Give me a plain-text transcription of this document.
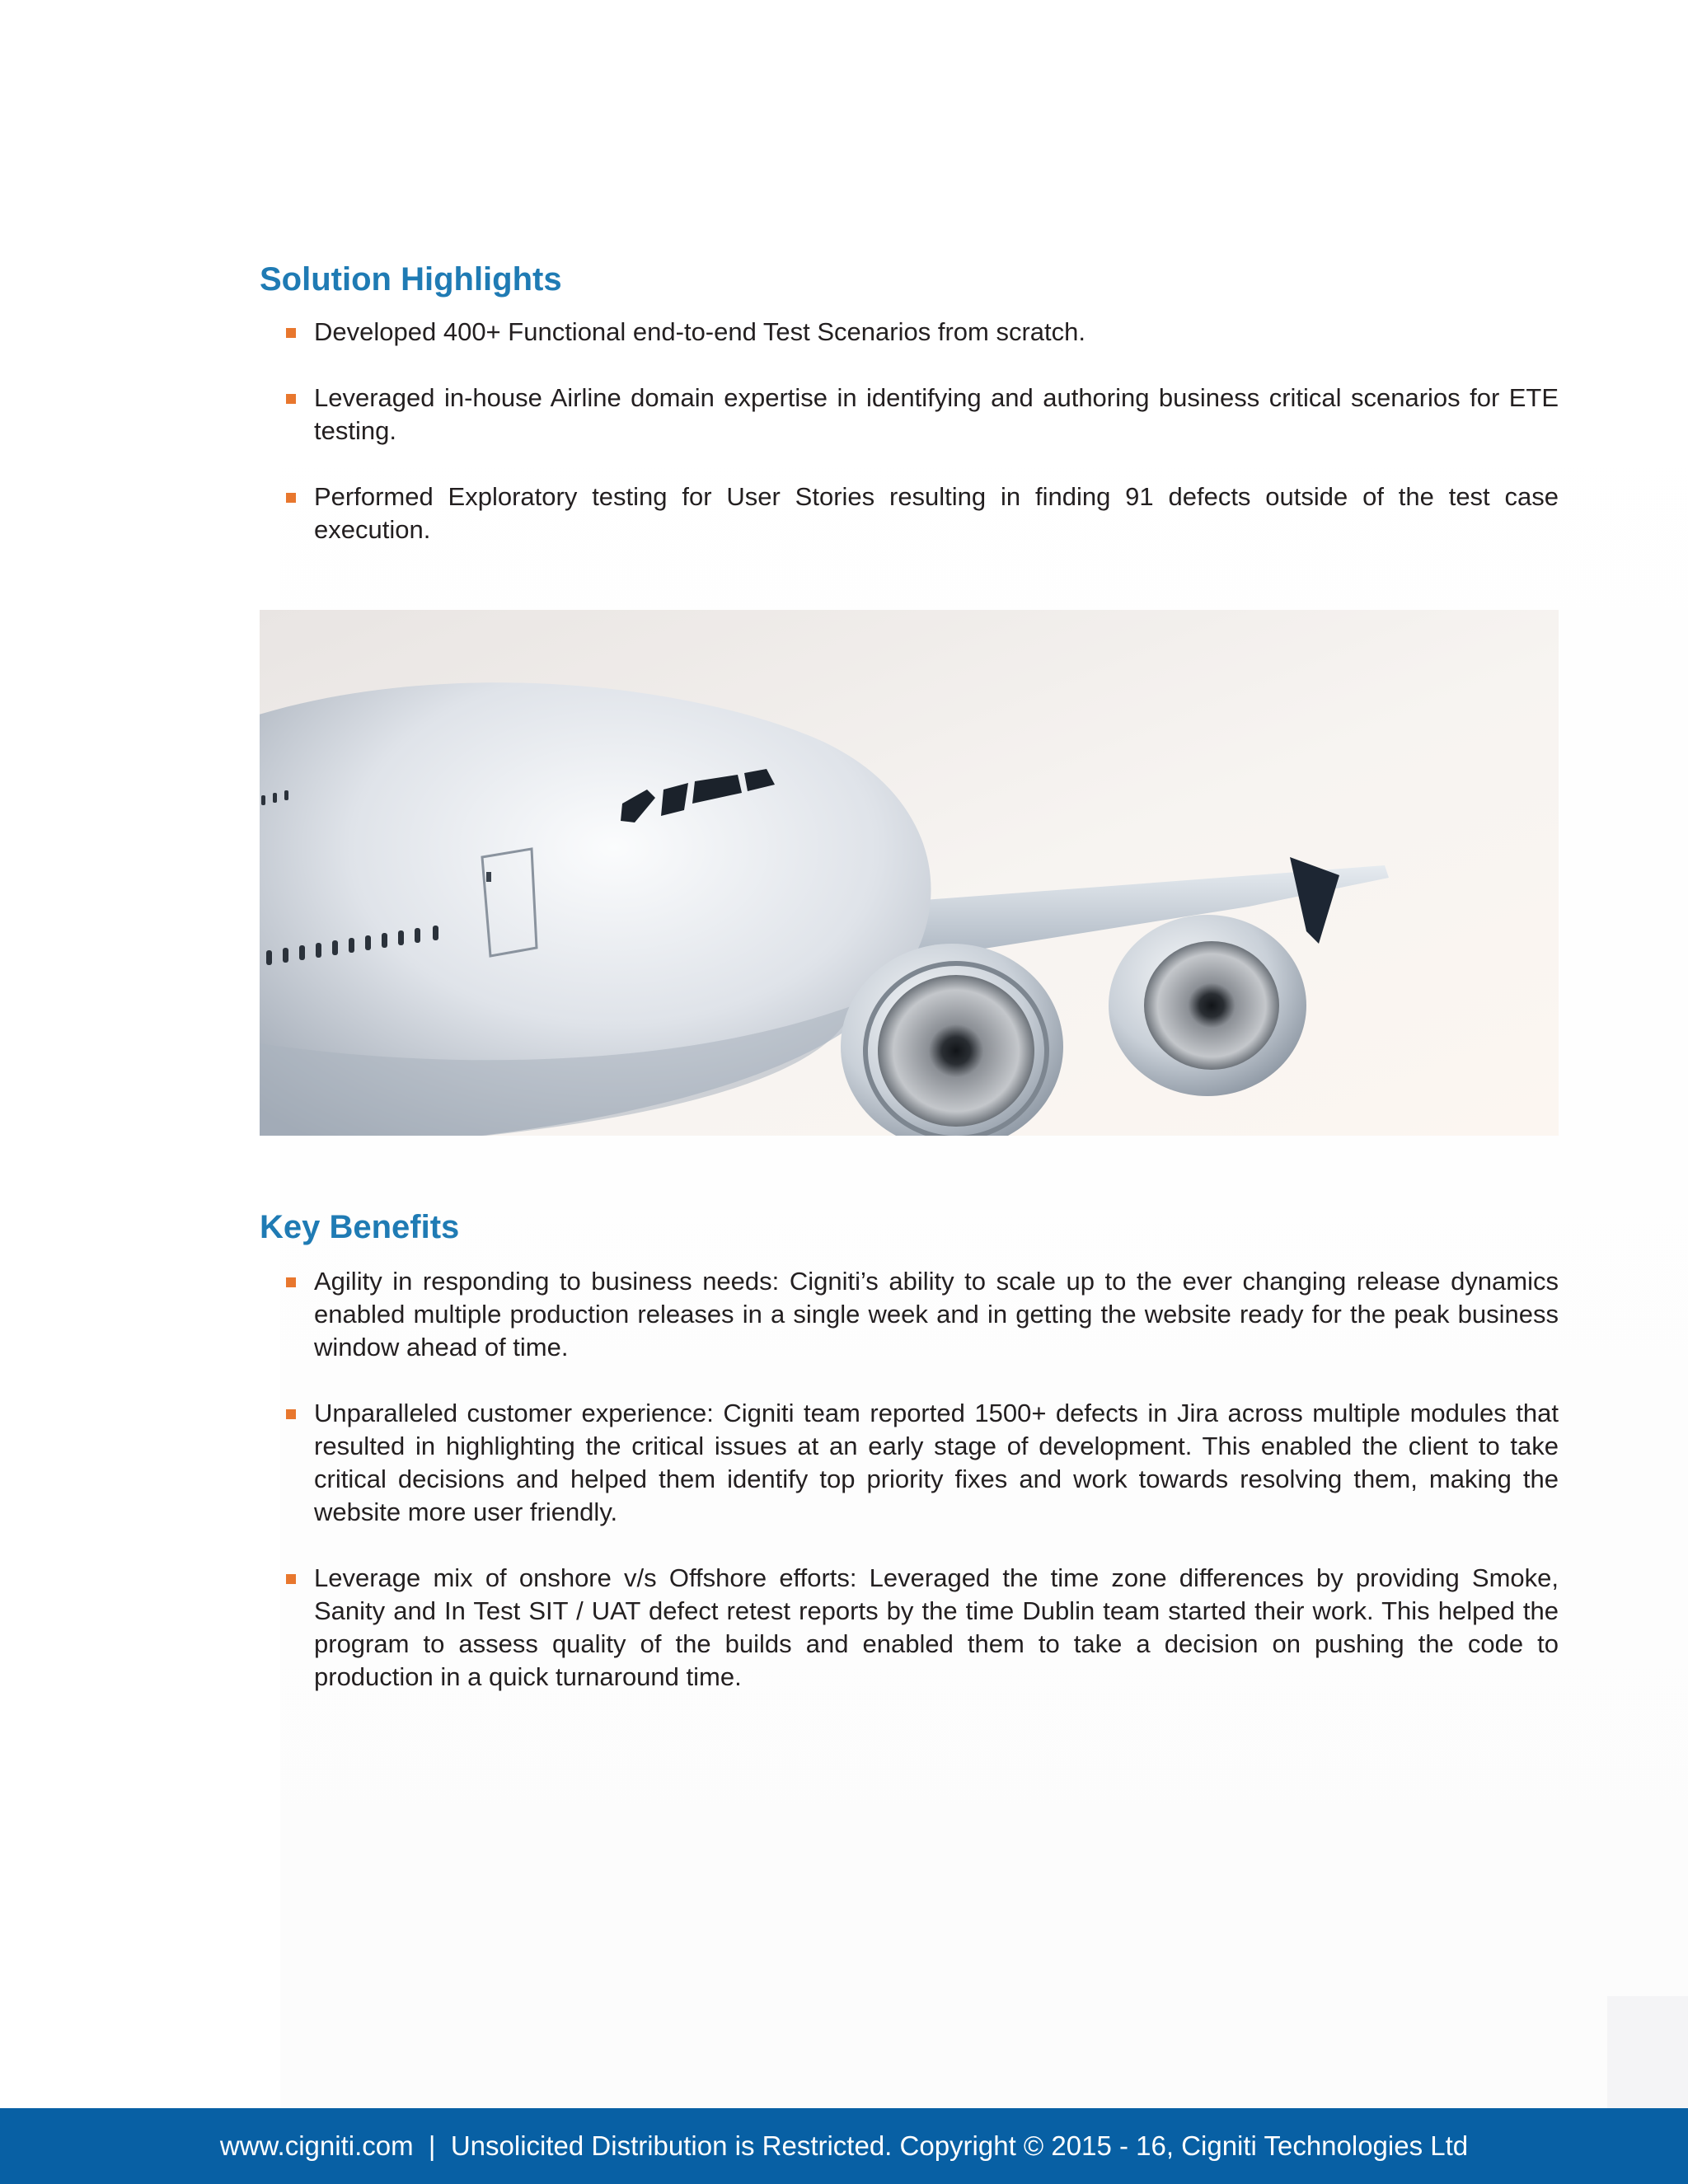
Solution Highlights
Developed 400+ Functional end-to-end Test Scenarios from scratch.
Leveraged in-house Airline domain expertise in identifying and authoring business critical scenarios for ETE testing.
Performed Exploratory testing for User Stories resulting in finding 91 defects outside of the test case execution.
Key Benefits
Agility in responding to business needs: Cigniti’s ability to scale up to the ever changing release dynamics enabled multiple production releases in a single week and in getting the website ready for the peak business window ahead of time.
Unparalleled customer experience: Cigniti team reported 1500+ defects in Jira across multiple modules that resulted in highlighting the critical issues at an early stage of development. This enabled the client to take critical decisions and helped them identify top priority fixes and work towards resolving them, making the website more user friendly.
Leverage mix of onshore v/s Offshore efforts: Leveraged the time zone differences by providing Smoke, Sanity and In Test SIT / UAT defect retest reports by the time Dublin team started their work. This helped the program to assess quality of the builds and enabled them to take a decision on pushing the code to production in a quick turnaround time.
www.cigniti.com  |  Unsolicited Distribution is Restricted. Copyright © 2015 - 16, Cigniti Technologies Ltd
